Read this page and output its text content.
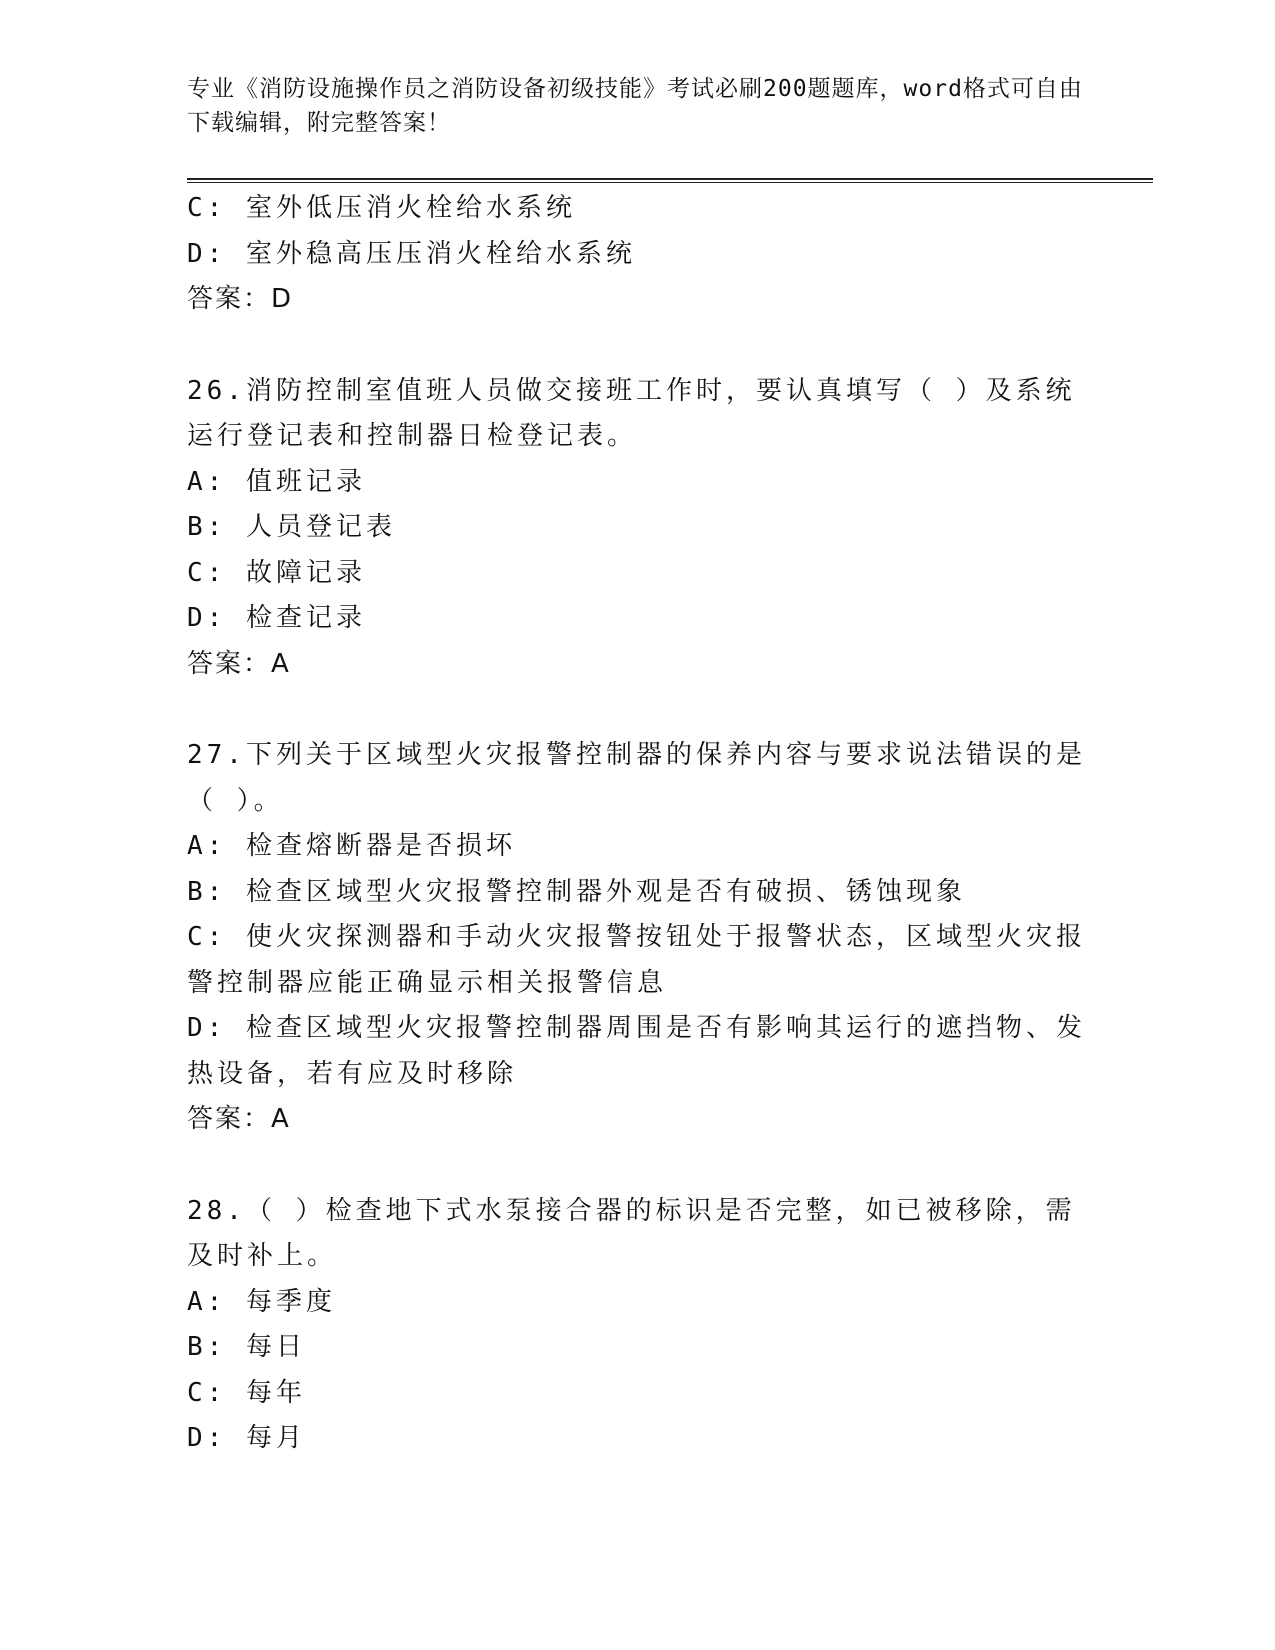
专业《消防设施操作员之消防设备初级技能》考试必刷200题题库，word格式可自由下载编辑，附完整答案！
C: 室外低压消火栓给水系统
D: 室外稳高压压消火栓给水系统
答案：D
26.消防控制室值班人员做交接班工作时，要认真填写（ ）及系统运行登记表和控制器日检登记表。
A: 值班记录
B: 人员登记表
C: 故障记录
D: 检查记录
答案：A
27.下列关于区域型火灾报警控制器的保养内容与要求说法错误的是（ ）。
A: 检查熔断器是否损坏
B: 检查区域型火灾报警控制器外观是否有破损、锈蚀现象
C: 使火灾探测器和手动火灾报警按钮处于报警状态，区域型火灾报警控制器应能正确显示相关报警信息
D: 检查区域型火灾报警控制器周围是否有影响其运行的遮挡物、发热设备，若有应及时移除
答案：A
28.（ ）检查地下式水泵接合器的标识是否完整，如已被移除，需及时补上。
A: 每季度
B: 每日
C: 每年
D: 每月
